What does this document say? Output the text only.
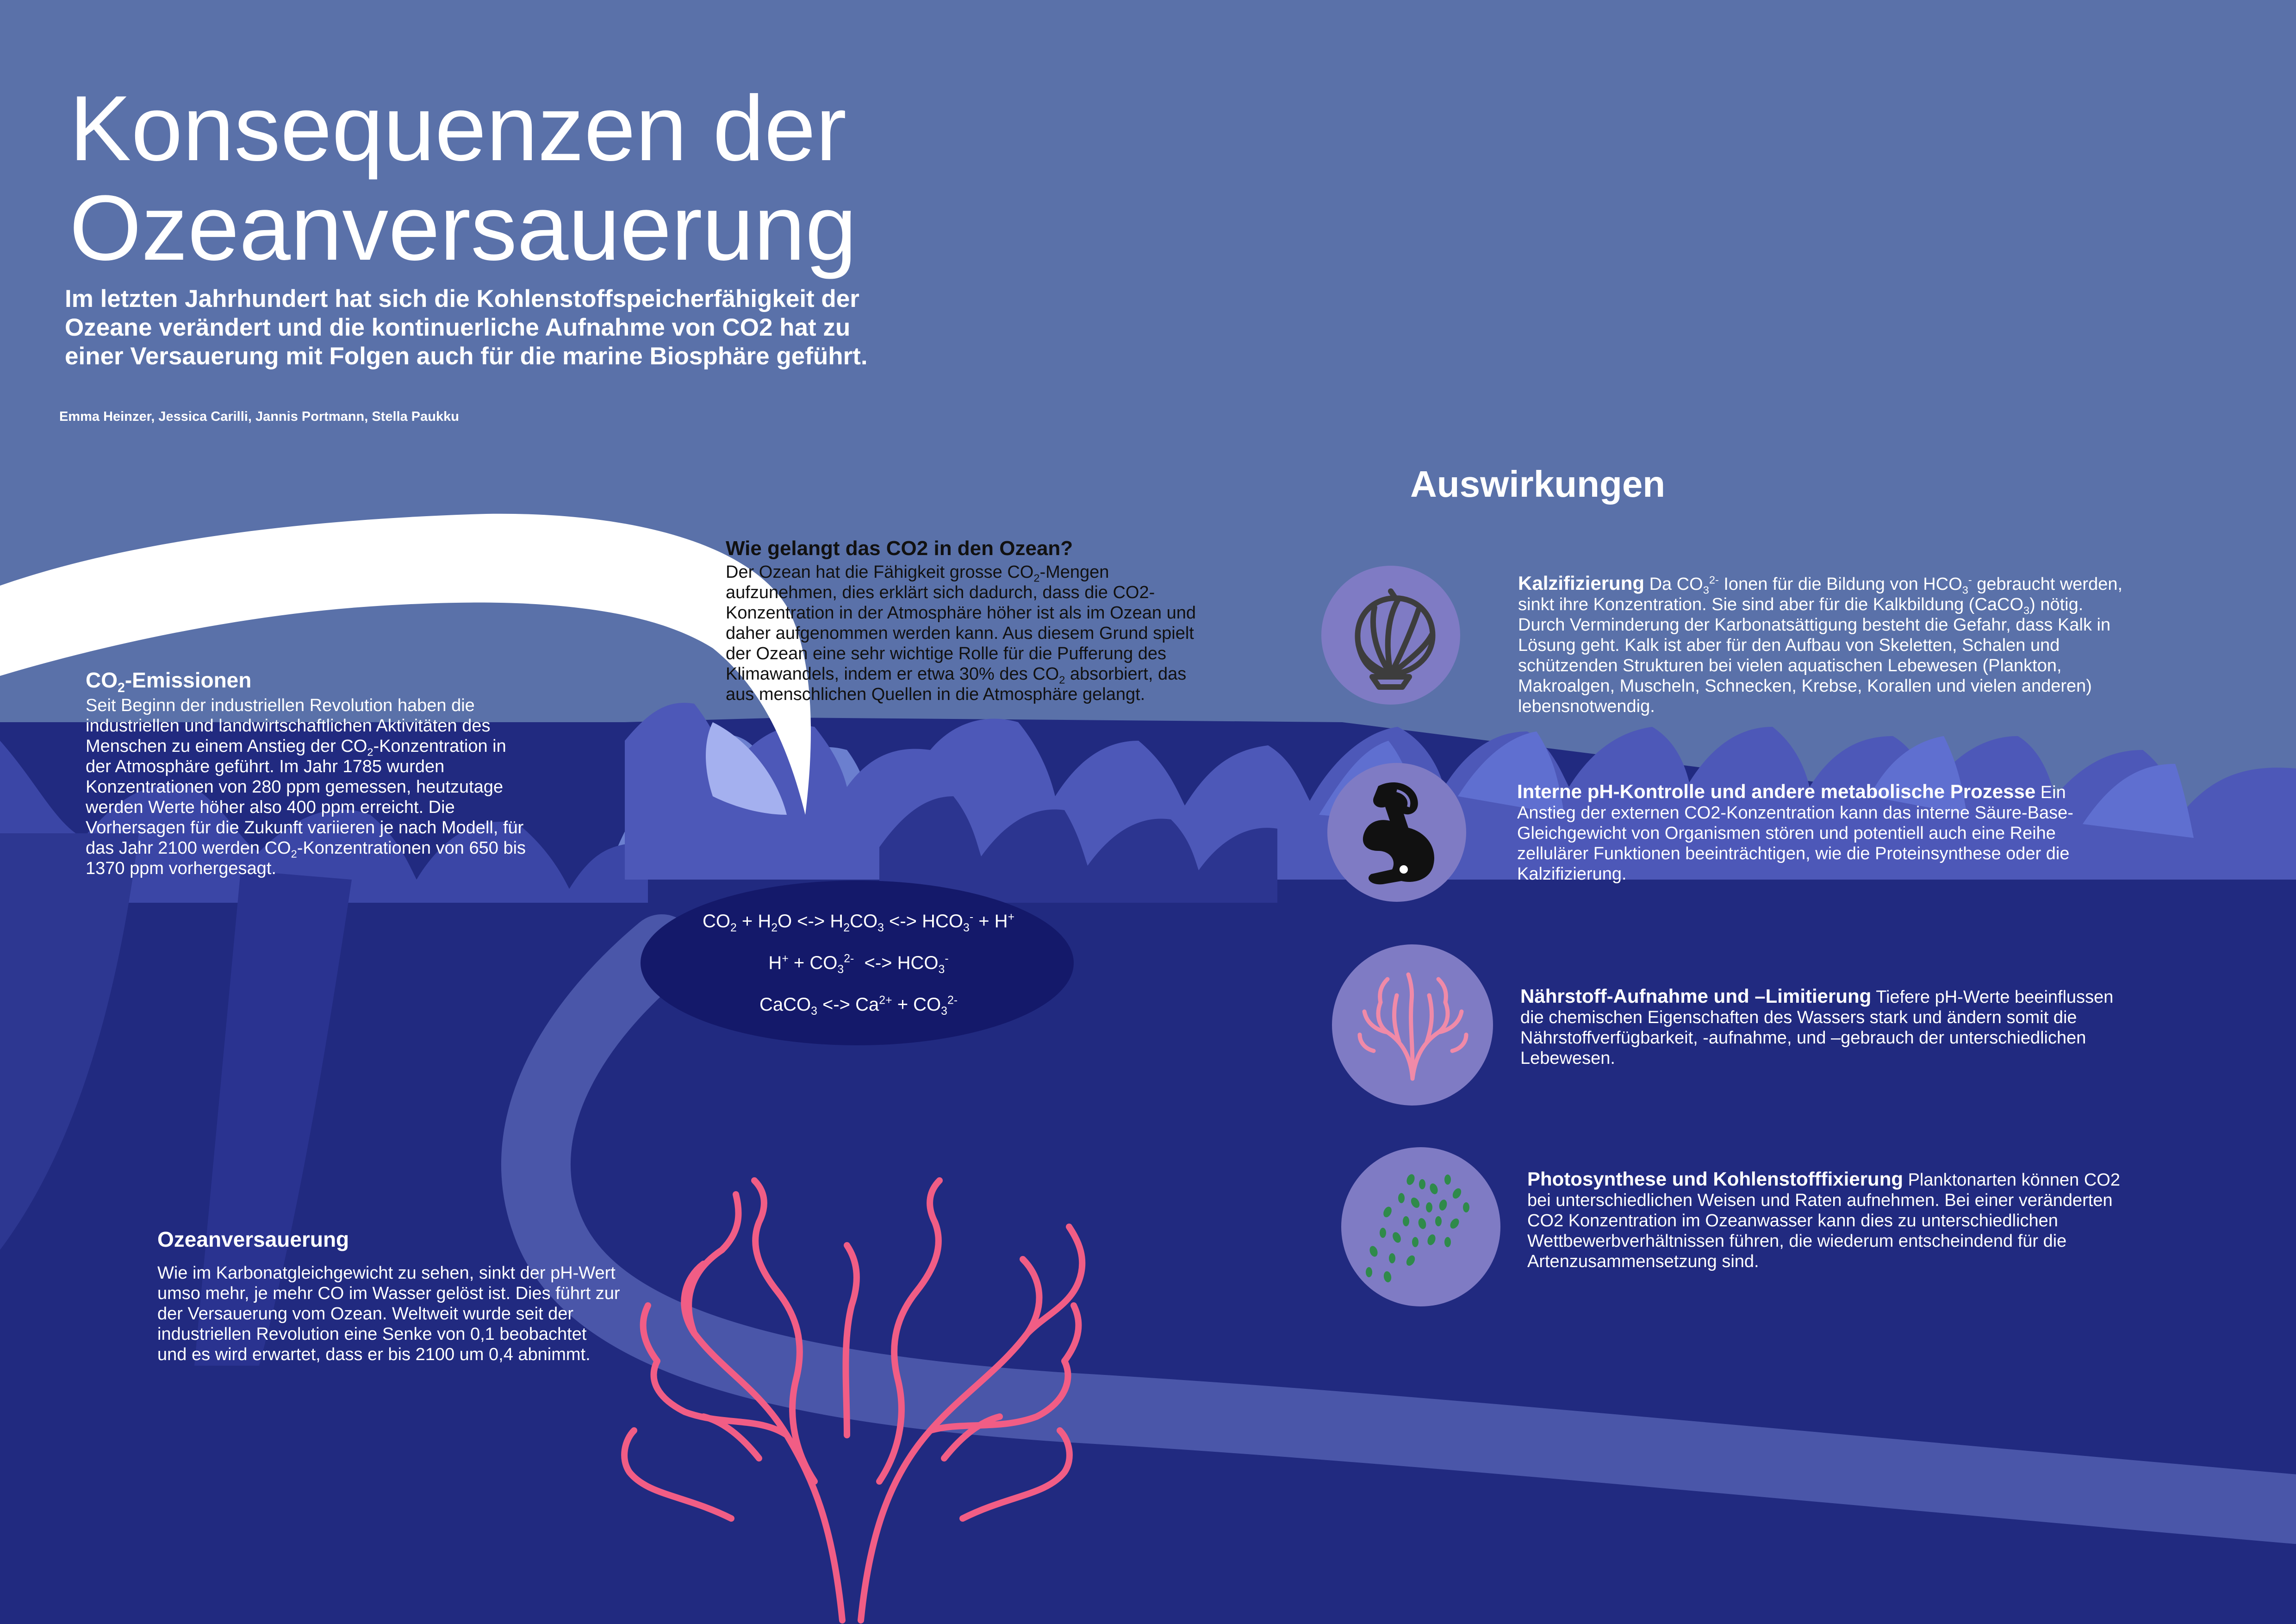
Konsequenzen der
Ozeanversauerung
Im letzten Jahrhundert hat sich die Kohlenstoffspeicherfähigkeit der Ozeane verändert und die kontinuerliche Aufnahme von CO2 hat zu einer Versauerung mit Folgen auch für die marine Biosphäre geführt.
Emma Heinzer, Jessica Carilli, Jannis Portmann, Stella Paukku
$CO_2$-Emissionen
Seit Beginn der industriellen Revolution haben die industriellen und landwirtschaftlichen Aktivitäten des Menschen zu einem Anstieg der $CO_2$-Konzentration in der Atmosphäre geführt. Im Jahr 1785 wurden Konzentrationen von 280 ppm gemessen, heutzutage werden Werte höher also 400 ppm erreicht. Die Vorhersagen für die Zukunft variieren je nach Modell, für das Jahr 2100 werden $CO_2$-Konzentrationen von 650 bis 1370 ppm vorhergesagt.
Wie gelangt das CO2 in den Ozean?
Der Ozean hat die Fähigkeit grosse $CO_2$-Mengen aufzunehmen, dies erklärt sich dadurch, dass die CO2-Konzentration in der Atmosphäre höher ist als im Ozean und daher aufgenommen werden kann. Aus diesem Grund spielt der Ozean eine sehr wichtige Rolle für die Pufferung des Klimawandels, indem er etwa 30% des $CO_2$ absorbiert, das aus menschlichen Quellen in die Atmosphäre gelangt.
$CO_2 + H_2O$ <-> $H_2CO_3$ <-> $HCO_3^- + H^+$
$H^+ + CO_3^{2-}$  <-> $HCO_3^-$
CaCO$_3$ <-> $Ca^{2+} + CO_3^{2-}$
Ozeanversauerung
Wie im Karbonatgleichgewicht zu sehen, sinkt der pH-Wert umso mehr, je mehr CO im Wasser gelöst ist. Dies führt zur der Versauerung vom Ozean. Weltweit wurde seit der industriellen Revolution eine Senke von 0,1 beobachtet und es wird erwartet, dass er bis 2100 um 0,4 abnimmt.
Auswirkungen
Kalzifizierung Da $CO_3^{2-}$ Ionen für die Bildung von $HCO_3^-$ gebraucht werden, sinkt ihre Konzentration. Sie sind aber für die Kalkbildung (CaCO$_3$) nötig. Durch Verminderung der Karbonatsättigung besteht die Gefahr, dass Kalk in Lösung geht. Kalk ist aber für den Aufbau von Skeletten, Schalen und schützenden Strukturen bei vielen aquatischen Lebewesen (Plankton, Makroalgen, Muscheln, Schnecken, Krebse, Korallen und vielen anderen) lebensnotwendig.
Interne pH-Kontrolle und andere metabolische Prozesse Ein Anstieg der externen CO2-Konzentration kann das interne Säure-Base-Gleichgewicht von Organismen stören und potentiell auch eine Reihe zellulärer Funktionen beeinträchtigen, wie die Proteinsynthese oder die Kalzifizierung.
Nährstoff-Aufnahme und –Limitierung Tiefere pH-Werte beeinflussen die chemischen Eigenschaften des Wassers stark und ändern somit die Nährstoffverfügbarkeit, -aufnahme, und –gebrauch der unterschiedlichen Lebewesen.
Photosynthese und Kohlenstofffixierung Planktonarten können CO2 bei unterschiedlichen Weisen und Raten aufnehmen. Bei einer veränderten CO2 Konzentration im Ozeanwasser kann dies zu unterschiedlichen Wettbewerbverhältnissen führen, die wiederum entscheindend für die Artenzusammensetzung sind.
